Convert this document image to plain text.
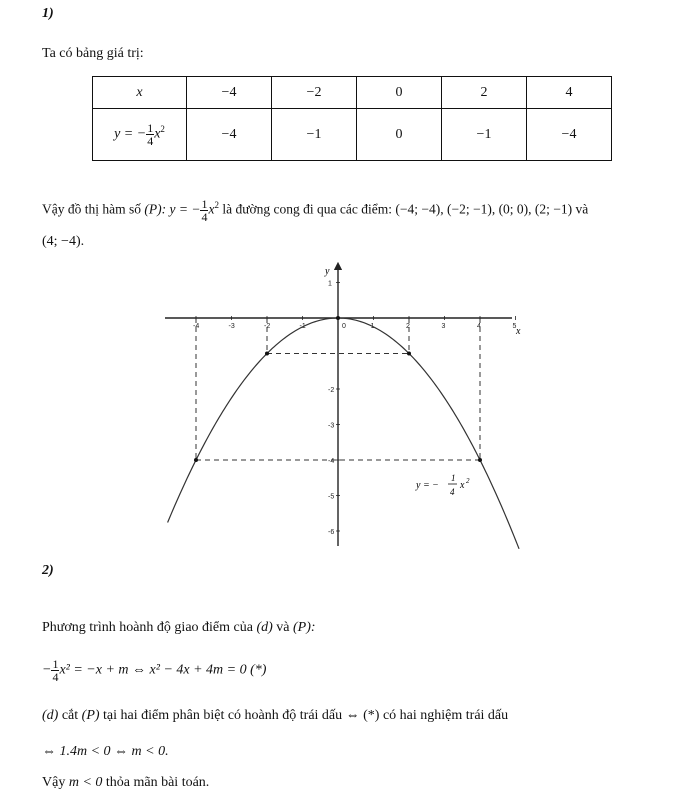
1)
Ta có bảng giá trị:
x	−4	−2	0	2	4
y = − $\frac{1}{4} x^2$	−4	−1	0	−1	−4
Vậy đồ thị hàm số (P): y = − $\frac{1}{4} x^2$ là đường cong đi qua các điểm: (−4; −4), (−2; −1), (0; 0), (2; −1) và
(4; −4).
-4	-3	-2	-1	0	1	2	3	4	5
1
-2
-3
-4
-5
-6
x
y
y = −
1
4
x 2
2)
Phương trình hoành độ giao điểm của (d) và (P):
− $\frac{1}{4} x^2 = -x + m$ ⇔ x² − 4x + 4m = 0 (*)
(d) cắt (P) tại hai điểm phân biệt có hoành độ trái dấu ⇔ (*) có hai nghiệm trái dấu
⇔ 1.4m < 0 ⇔ m < 0.
Vậy m < 0 thỏa mãn bài toán.
